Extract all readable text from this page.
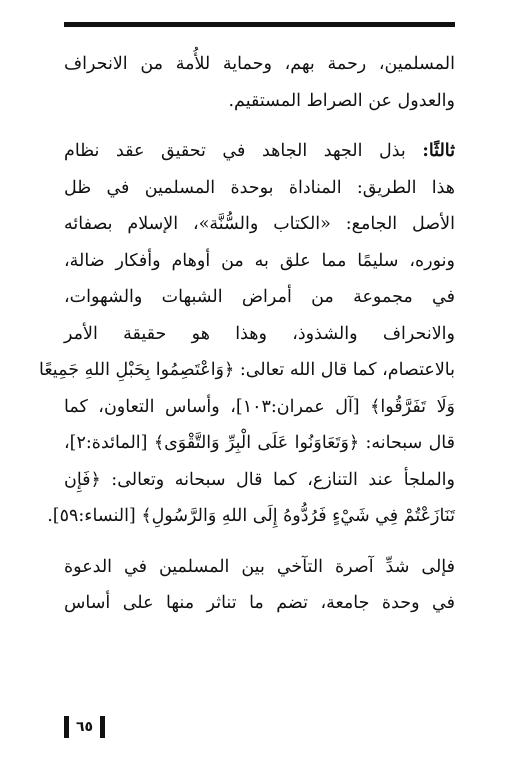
المسلمين، رحمة بهم، وحماية للأُمة من الانحراف
والعدول عن الصراط المستقيم.
ثالثًا: بذل الجهد الجاهد في تحقيق عقد نظام
هذا الطريق: المناداة بوحدة المسلمين في ظل
الأصل الجامع: «الكتاب والسُّنَّة»، الإسلام بصفائه
ونوره، سليمًا مما علق به من أوهام وأفكار ضالة،
في مجموعة من أمراض الشبهات والشهوات،
والانحراف والشذوذ، وهذا هو حقيقة الأمر
بالاعتصام، كما قال الله تعالى: ﴿وَاعْتَصِمُوا بِحَبْلِ اللهِ جَمِيعًا
وَلَا تَفَرَّقُوا﴾ [آل عمران:١٠٣]، وأساس التعاون، كما
قال سبحانه: ﴿وَتَعَاوَنُوا عَلَى الْبِرِّ وَالتَّقْوَى﴾ [المائدة:٢]،
والملجأ عند التنازع، كما قال سبحانه وتعالى: ﴿فَإِن
تَنَازَعْتُمْ فِي شَيْءٍ فَرُدُّوهُ إِلَى اللهِ وَالرَّسُولِ﴾ [النساء:٥٩].
فإلى شدِّ آصرة التآخي بين المسلمين في الدعوة
في وحدة جامعة، تضم ما تناثر منها على أساس
٦٥
